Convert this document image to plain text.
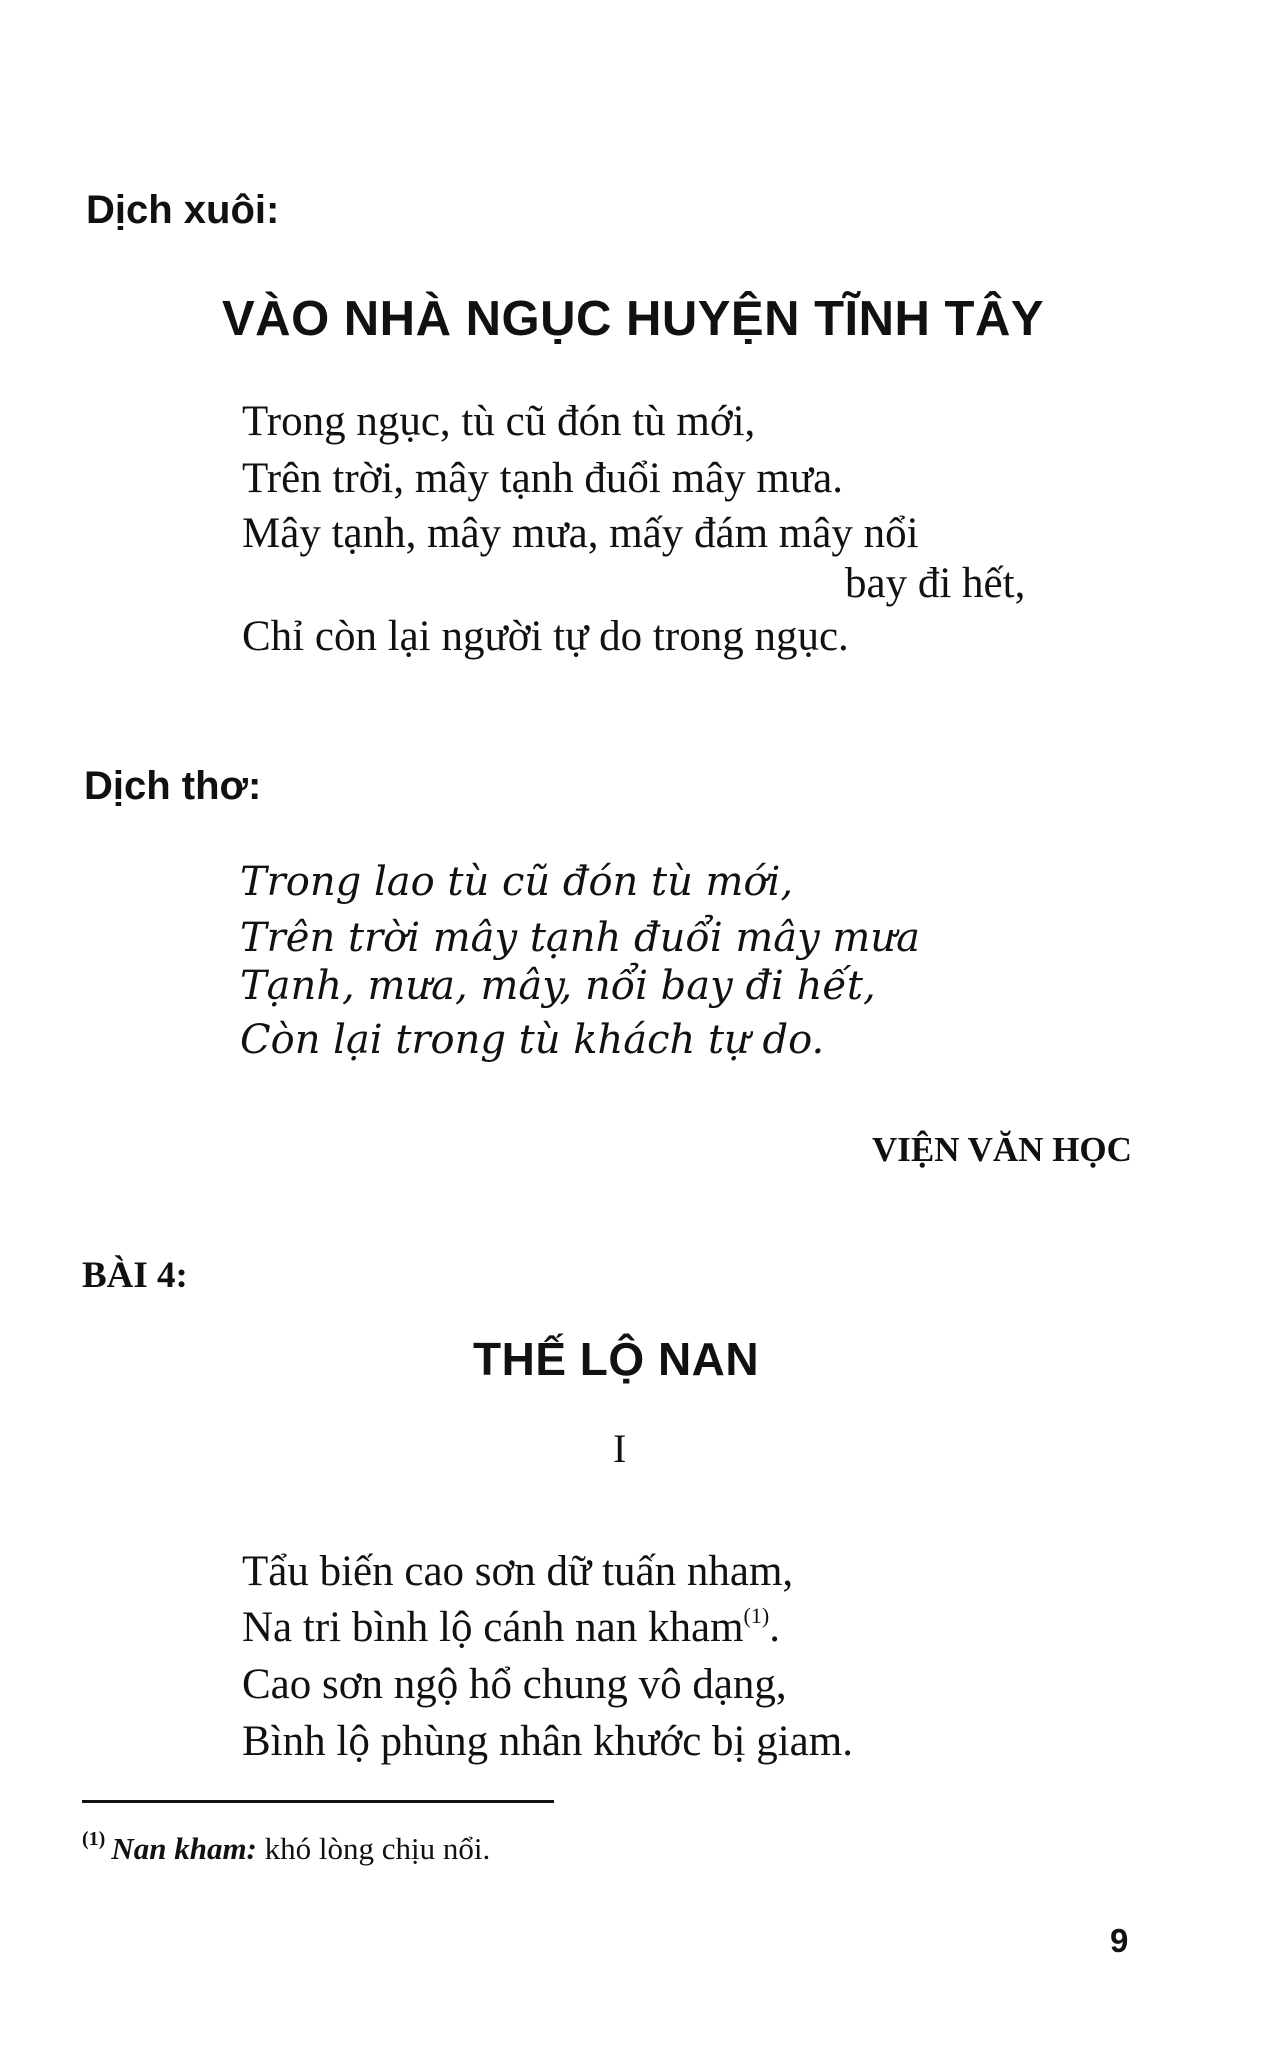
Dịch xuôi:
VÀO NHÀ NGỤC HUYỆN TĨNH TÂY
Trong ngục, tù cũ đón tù mới,
Trên trời, mây tạnh đuổi mây mưa.
Mây tạnh, mây mưa, mấy đám mây nổi
bay đi hết,
Chỉ còn lại người tự do trong ngục.
Dịch thơ:
Trong lao tù cũ đón tù mới,
Trên trời mây tạnh đuổi mây mưa
Tạnh, mưa, mây, nổi bay đi hết,
Còn lại trong tù khách tự do.
VIỆN VĂN HỌC
BÀI 4:
THẾ LỘ NAN
I
Tẩu biến cao sơn dữ tuấn nham,
Na tri bình lộ cánh nan kham$^{(1)}$.
Cao sơn ngộ hổ chung vô dạng,
Bình lộ phùng nhân khước bị giam.
$^{(1)}$ Nan kham: khó lòng chịu nổi.
9
